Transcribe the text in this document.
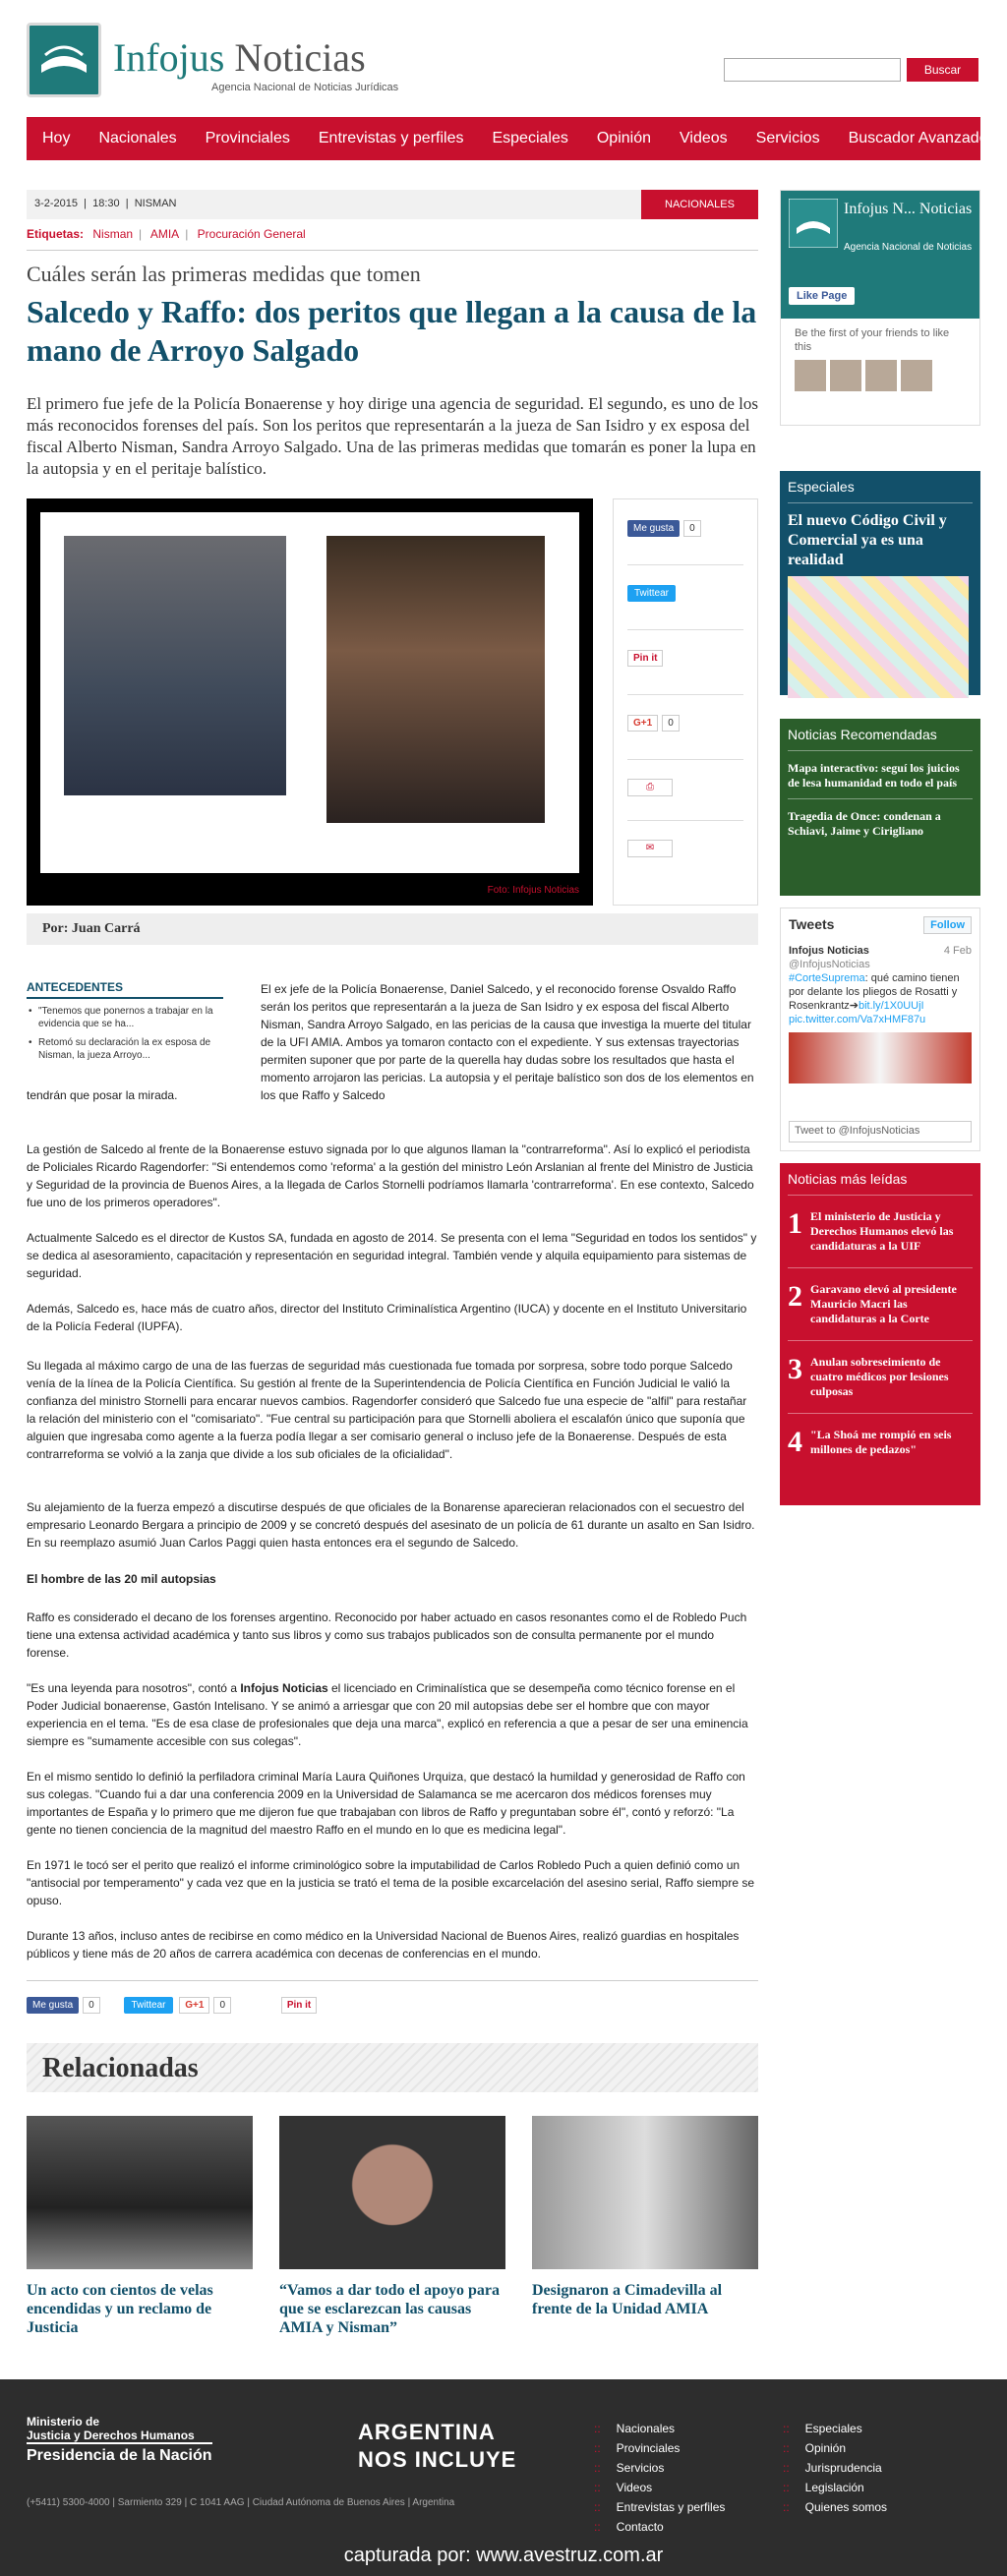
Infojus Noticias
Agencia Nacional de Noticias Jurídicas
Buscar
Hoy Nacionales Provinciales Entrevistas y perfiles Especiales Opinión Videos Servicios Buscador Avanzado
3-2-2015  |  18:30  |  NISMAN	NACIONALES
Etiquetas: Nisman | AMIA | Procuración General
Cuáles serán las primeras medidas que tomen
Salcedo y Raffo: dos peritos que llegan a la causa de la mano de Arroyo Salgado

El primero fue jefe de la Policía Bonaerense y hoy dirige una agencia de seguridad. El segundo, es uno de los más reconocidos forenses del país. Son los peritos que representarán a la jueza de San Isidro y ex esposa del fiscal Alberto Nisman, Sandra Arroyo Salgado. Una de las primeras medidas que tomarán es poner la lupa en la autopsia y en el peritaje balístico.

Foto: Infojus Noticias
Me gusta 0
Twittear
Pin it
G+1 0
⎙
✉
Por: Juan Carrá
ANTECEDENTES
• "Tenemos que ponernos a trabajar en la evidencia que se ha...
• Retomó su declaración la ex esposa de Nisman, la jueza Arroyo...

El ex jefe de la Policía Bonaerense, Daniel Salcedo, y el reconocido forense Osvaldo Raffo serán los peritos que representarán a la jueza de San Isidro y ex esposa del fiscal Alberto Nisman, Sandra Arroyo Salgado, en las pericias de la causa que investiga la muerte del titular de la UFI AMIA. Ambos ya tomaron contacto con el expediente. Y sus extensas trayectorias permiten suponer que por parte de la querella hay dudas sobre los resultados que hasta el momento arrojaron las pericias. La autopsia y el peritaje balístico son dos de los elementos en los que Raffo y Salcedo

tendrán que posar la mirada.

La gestión de Salcedo al frente de la Bonaerense estuvo signada por lo que algunos llaman la "contrarreforma". Así lo explicó el periodista de Policiales Ricardo Ragendorfer: "Si entendemos como 'reforma' a la gestión del ministro León Arslanian al frente del Ministro de Justicia y Seguridad de la provincia de Buenos Aires, a la llegada de Carlos Stornelli podríamos llamarla 'contrarreforma'. En ese contexto, Salcedo fue uno de los primeros operadores".

Actualmente Salcedo es el director de Kustos SA, fundada en agosto de 2014. Se presenta con el lema "Seguridad en todos los sentidos" y se dedica al asesoramiento, capacitación y representación en seguridad integral. También vende y alquila equipamiento para sistemas de seguridad.

Además, Salcedo es, hace más de cuatro años, director del Instituto Criminalística Argentino (IUCA) y docente en el Instituto Universitario de la Policía Federal (IUPFA).

Su llegada al máximo cargo de una de las fuerzas de seguridad más cuestionada fue tomada por sorpresa, sobre todo porque Salcedo venía de la línea de la Policía Científica. Su gestión al frente de la Superintendencia de Policía Científica en Función Judicial le valió la confianza del ministro Stornelli para encarar nuevos cambios. Ragendorfer consideró que Salcedo fue una especie de "alfil" para restañar la relación del ministerio con el "comisariato". "Fue central su participación para que Stornelli aboliera el escalafón único que suponía que alguien que ingresaba como agente a la fuerza podía llegar a ser comisario general o incluso jefe de la Bonaerense. Después de esta contrarreforma se volvió a la zanja que divide a los sub oficiales de la oficialidad".

Su alejamiento de la fuerza empezó a discutirse después de que oficiales de la Bonarense aparecieran relacionados con el secuestro del empresario Leonardo Bergara a principio de 2009 y se concretó después del asesinato de un policía de 61 durante un asalto en San Isidro. En su reemplazo asumió Juan Carlos Paggi quien hasta entonces era el segundo de Salcedo.

El hombre de las 20 mil autopsias

Raffo es considerado el decano de los forenses argentino. Reconocido por haber actuado en casos resonantes como el de Robledo Puch tiene una extensa actividad académica y tanto sus libros y como sus trabajos publicados son de consulta permanente por el mundo forense.

"Es una leyenda para nosotros", contó a Infojus Noticias el licenciado en Criminalística que se desempeña como técnico forense en el Poder Judicial bonaerense, Gastón Intelisano. Y se animó a arriesgar que con 20 mil autopsias debe ser el hombre que con mayor experiencia en el tema. "Es de esa clase de profesionales que deja una marca", explicó en referencia a que a pesar de ser una eminencia siempre es "sumamente accesible con sus colegas".

En el mismo sentido lo definió la perfiladora criminal María Laura Quiñones Urquiza, que destacó la humildad y generosidad de Raffo con sus colegas. "Cuando fui a dar una conferencia 2009 en la Universidad de Salamanca se me acercaron dos médicos forenses muy importantes de España y lo primero que me dijeron fue que trabajaban con libros de Raffo y preguntaban sobre él", contó y reforzó: "La gente no tienen conciencia de la magnitud del maestro Raffo en el mundo en lo que es medicina legal".

En 1971 le tocó ser el perito que realizó el informe criminológico sobre la imputabilidad de Carlos Robledo Puch a quien definió como un "antisocial por temperamento" y cada vez que en la justicia se trató el tema de la posible excarcelación del asesino serial, Raffo siempre se opuso.

Durante 13 años, incluso antes de recibirse en como médico en la Universidad Nacional de Buenos Aires, realizó guardias en hospitales públicos y tiene más de 20 años de carrera académica con decenas de conferencias en el mundo.

Me gusta 0	Twittear G+1 0	Pin it
Relacionadas
Un acto con cientos de velas encendidas y un reclamo de Justicia
“Vamos a dar todo el apoyo para que se esclarezcan las causas AMIA y Nisman”
Designaron a Cimadevilla al frente de la Unidad AMIA
Infojus N... Noticias
Agencia Nacional de Noticias
Like Page
Be the first of your friends to like this
Especiales
El nuevo Código Civil y Comercial ya es una realidad
Noticias Recomendadas
Mapa interactivo: seguí los juicios de lesa humanidad en todo el país
Tragedia de Once: condenan a Schiavi, Jaime y Cirigliano
Tweets	Follow
4 Feb
Infojus Noticias
@InfojusNoticias
#CorteSuprema: qué camino tienen por delante los pliegos de Rosatti y Rosenkrantz➔bit.ly/1X0UUjI pic.twitter.com/Va7xHMF87u
Tweet to @InfojusNoticias
Noticias más leídas
1 El ministerio de Justicia y Derechos Humanos elevó las candidaturas a la UIF
2 Garavano elevó al presidente Mauricio Macri las candidaturas a la Corte
3 Anulan sobreseimiento de cuatro médicos por lesiones culposas
4 "La Shoá me rompió en seis millones de pedazos"
Ministerio de
Justicia y Derechos Humanos
Presidencia de la Nación
(+5411) 5300-4000 | Sarmiento 329 | C 1041 AAG | Ciudad Autónoma de Buenos Aires | Argentina
ARGENTINA
NOS INCLUYE
:: Nacionales
:: Provinciales
:: Servicios
:: Videos
:: Entrevistas y perfiles
:: Contacto
:: Especiales
:: Opinión
:: Jurisprudencia
:: Legislación
:: Quienes somos
capturada por: www.avestruz.com.ar
